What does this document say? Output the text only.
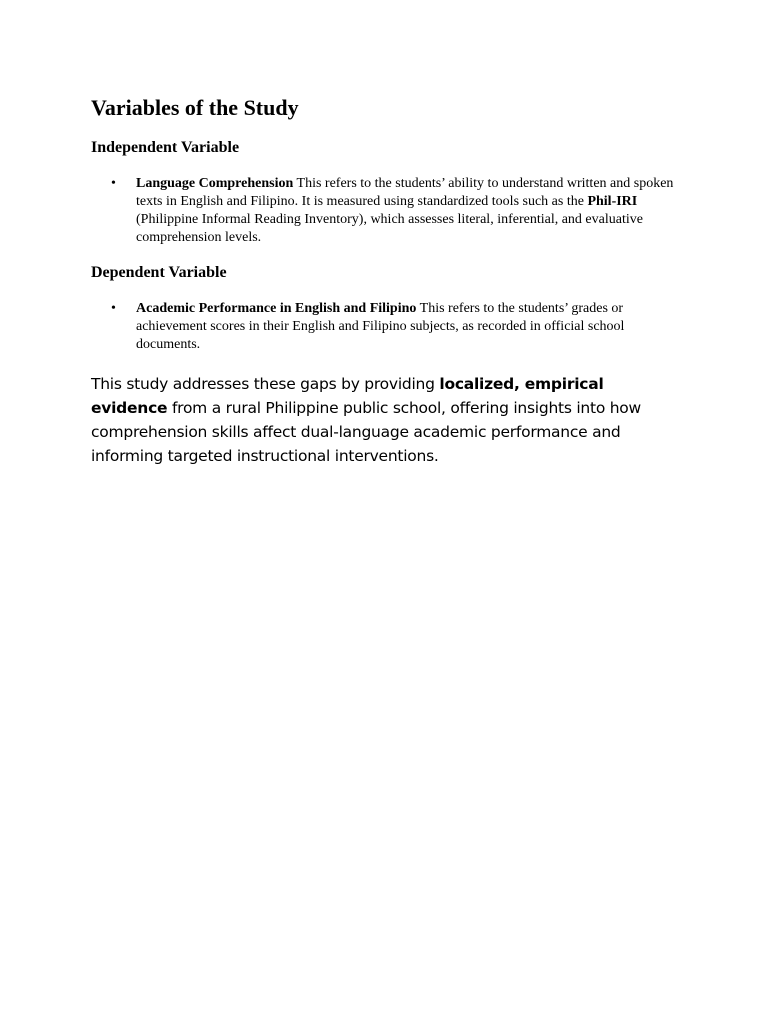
Variables of the Study
Independent Variable
• Language Comprehension This refers to the students’ ability to understand written and spoken texts in English and Filipino. It is measured using standardized tools such as the Phil-IRI (Philippine Informal Reading Inventory), which assesses literal, inferential, and evaluative comprehension levels.
Dependent Variable
• Academic Performance in English and Filipino This refers to the students’ grades or achievement scores in their English and Filipino subjects, as recorded in official school documents.

This study addresses these gaps by providing localized, empirical evidence from a rural Philippine public school, offering insights into how comprehension skills affect dual-language academic performance and informing targeted instructional interventions.
